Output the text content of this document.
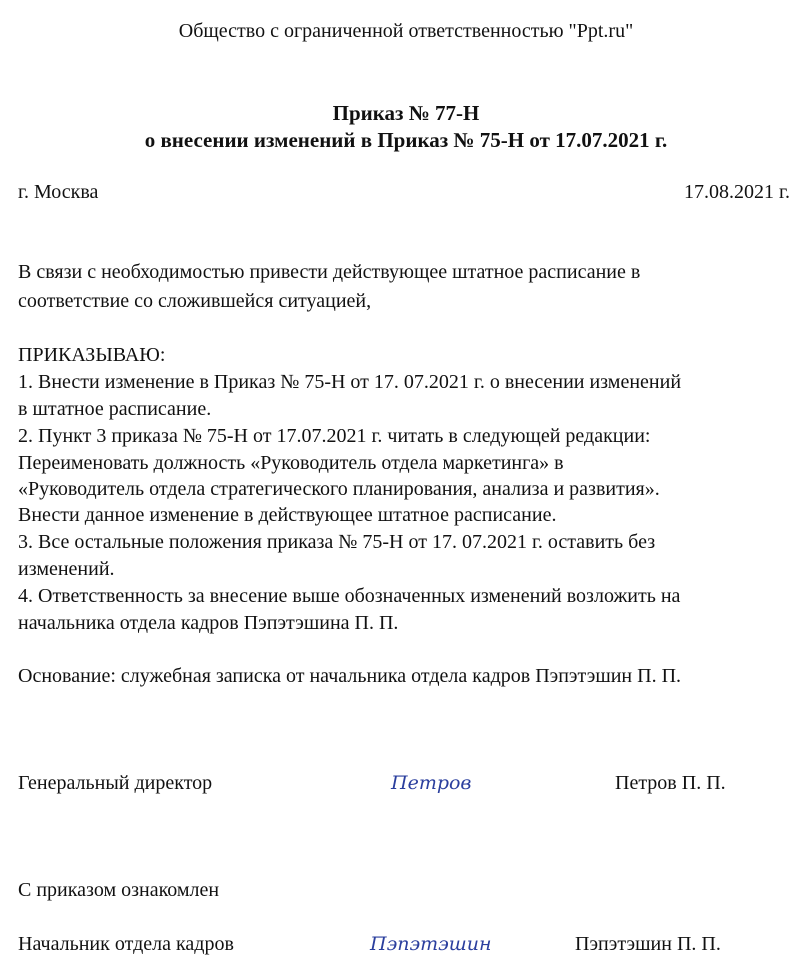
Общество с ограниченной ответственностью "Ppt.ru"
Приказ № 77-Н
о внесении изменений в Приказ № 75-Н от 17.07.2021 г.
г. Москва	17.08.2021 г.
В связи с необходимостью привести действующее штатное расписание в
соответствие со сложившейся ситуацией,
ПРИКАЗЫВАЮ:
1. Внести изменение в Приказ № 75-Н от 17. 07.2021 г. о внесении изменений
в штатное расписание.
2. Пункт 3 приказа № 75-Н от 17.07.2021 г. читать в следующей редакции:
Переименовать должность «Руководитель отдела маркетинга» в
«Руководитель отдела стратегического планирования, анализа и развития».
Внести данное изменение в действующее штатное расписание.
3. Все остальные положения приказа № 75-Н от 17. 07.2021 г. оставить без
изменений.
4. Ответственность за внесение выше обозначенных изменений возложить на
начальника отдела кадров Пэпэтэшина П. П.
Основание: служебная записка от начальника отдела кадров Пэпэтэшин П. П.
Генеральный директор	Петров	Петров П. П.
С приказом ознакомлен
Начальник отдела кадров	Пэпэтэшин	Пэпэтэшин П. П.
